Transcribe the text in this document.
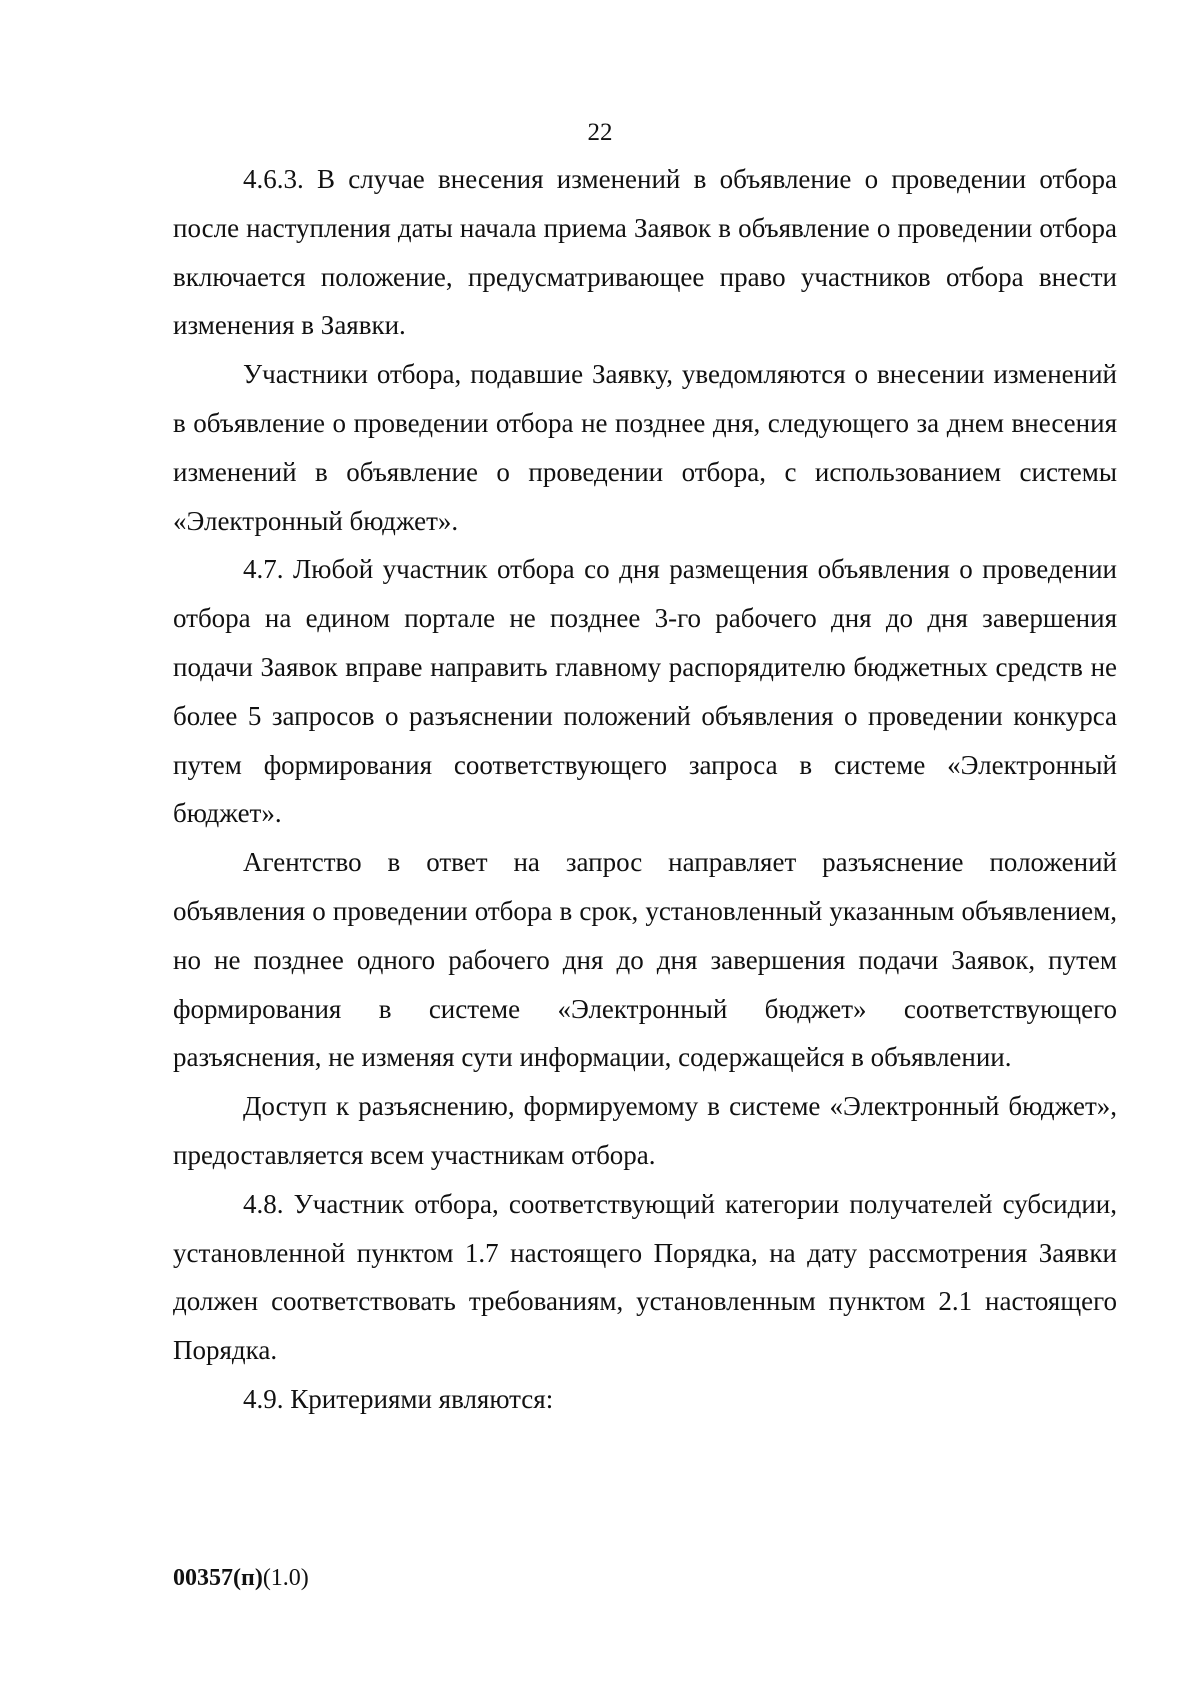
22

4.6.3. В случае внесения изменений в объявление о проведении отбора после наступления даты начала приема Заявок в объявление о проведении отбора включается положение, предусматривающее право участников отбора внести изменения в Заявки.

Участники отбора, подавшие Заявку, уведомляются о внесении изменений в объявление о проведении отбора не позднее дня, следующего за днем внесения изменений в объявление о проведении отбора, с использованием системы «Электронный бюджет».

4.7. Любой участник отбора со дня размещения объявления о проведении отбора на едином портале не позднее 3-го рабочего дня до дня завершения подачи Заявок вправе направить главному распорядителю бюджетных средств не более 5 запросов о разъяснении положений объявления о проведении конкурса путем формирования соответствующего запроса в системе «Электронный бюджет».

Агентство в ответ на запрос направляет разъяснение положений объявления о проведении отбора в срок, установленный указанным объявлением, но не позднее одного рабочего дня до дня завершения подачи Заявок, путем формирования в системе «Электронный бюджет» соответствующего разъяснения, не изменяя сути информации, содержащейся в объявлении.

Доступ к разъяснению, формируемому в системе «Электронный бюджет», предоставляется всем участникам отбора.

4.8. Участник отбора, соответствующий категории получателей субсидии, установленной пунктом 1.7 настоящего Порядка, на дату рассмотрения Заявки должен соответствовать требованиям, установленным пунктом 2.1 настоящего Порядка.

4.9. Критериями являются:

00357(п)(1.0)
